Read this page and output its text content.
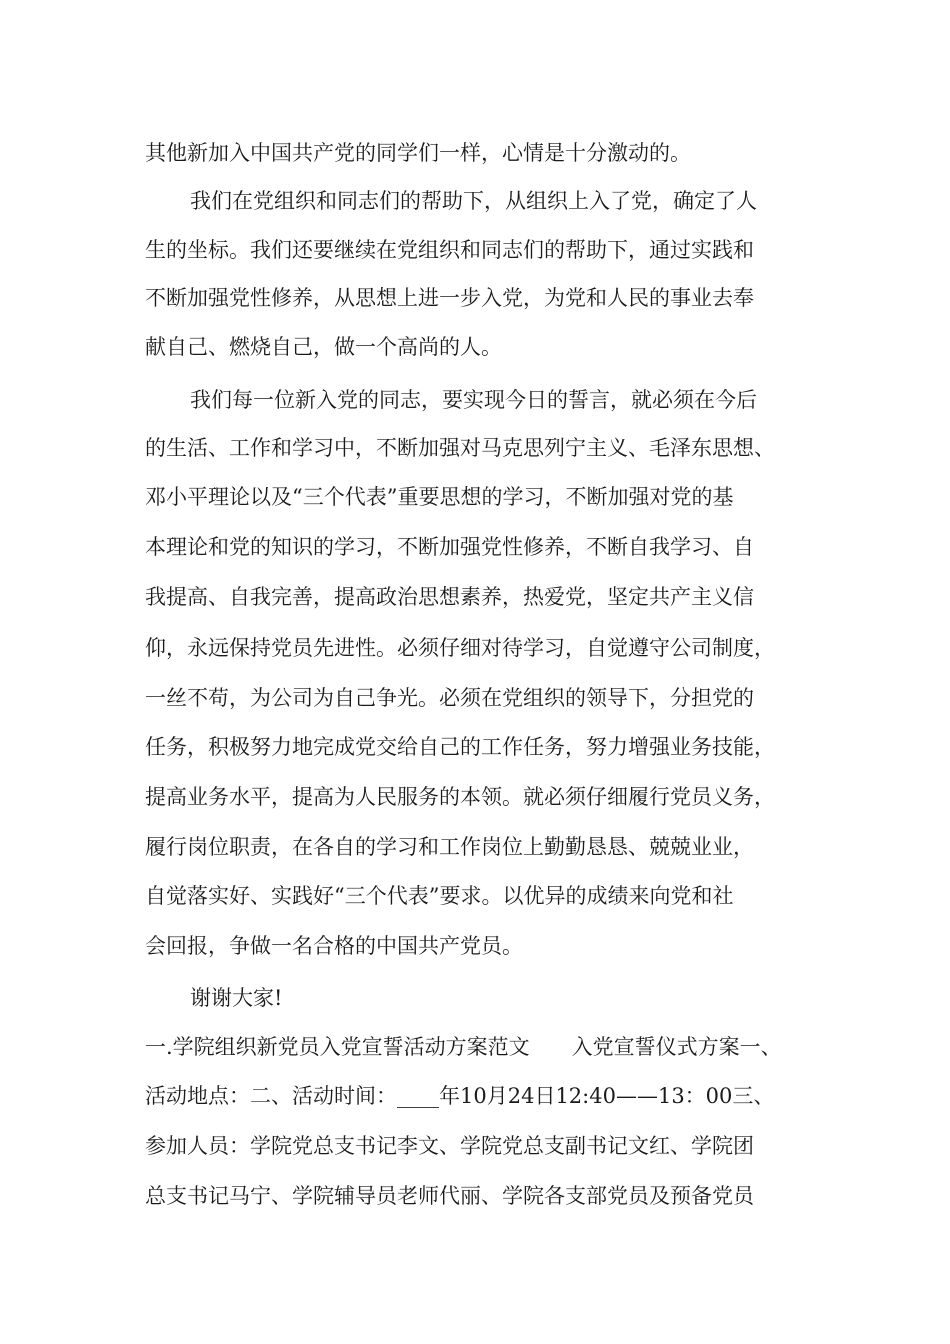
其他新加入中国共产党的同学们一样，心情是十分激动的。
我们在党组织和同志们的帮助下，从组织上入了党，确定了人
生的坐标。我们还要继续在党组织和同志们的帮助下，通过实践和
不断加强党性修养，从思想上进一步入党，为党和人民的事业去奉
献自己、燃烧自己，做一个高尚的人。
我们每一位新入党的同志，要实现今日的誓言，就必须在今后
的生活、工作和学习中，不断加强对马克思列宁主义、毛泽东思想、
邓小平理论以及“三个代表”重要思想的学习，不断加强对党的基
本理论和党的知识的学习，不断加强党性修养，不断自我学习、自
我提高、自我完善，提高政治思想素养，热爱党，坚定共产主义信
仰，永远保持党员先进性。必须仔细对待学习，自觉遵守公司制度，
一丝不苟，为公司为自己争光。必须在党组织的领导下，分担党的
任务，积极努力地完成党交给自己的工作任务，努力增强业务技能，
提高业务水平，提高为人民服务的本领。就必须仔细履行党员义务，
履行岗位职责，在各自的学习和工作岗位上勤勤恳恳、兢兢业业，
自觉落实好、实践好“三个代表”要求。以优异的成绩来向党和社
会回报，争做一名合格的中国共产党员。
谢谢大家!
一.学院组织新党员入党宣誓活动方案范文　　入党宣誓仪式方案一、
活动地点：二、活动时间：____年10月24日12:40——13：00三、
参加人员：学院党总支书记李文、学院党总支副书记文红、学院团
总支书记马宁、学院辅导员老师代丽、学院各支部党员及预备党员
